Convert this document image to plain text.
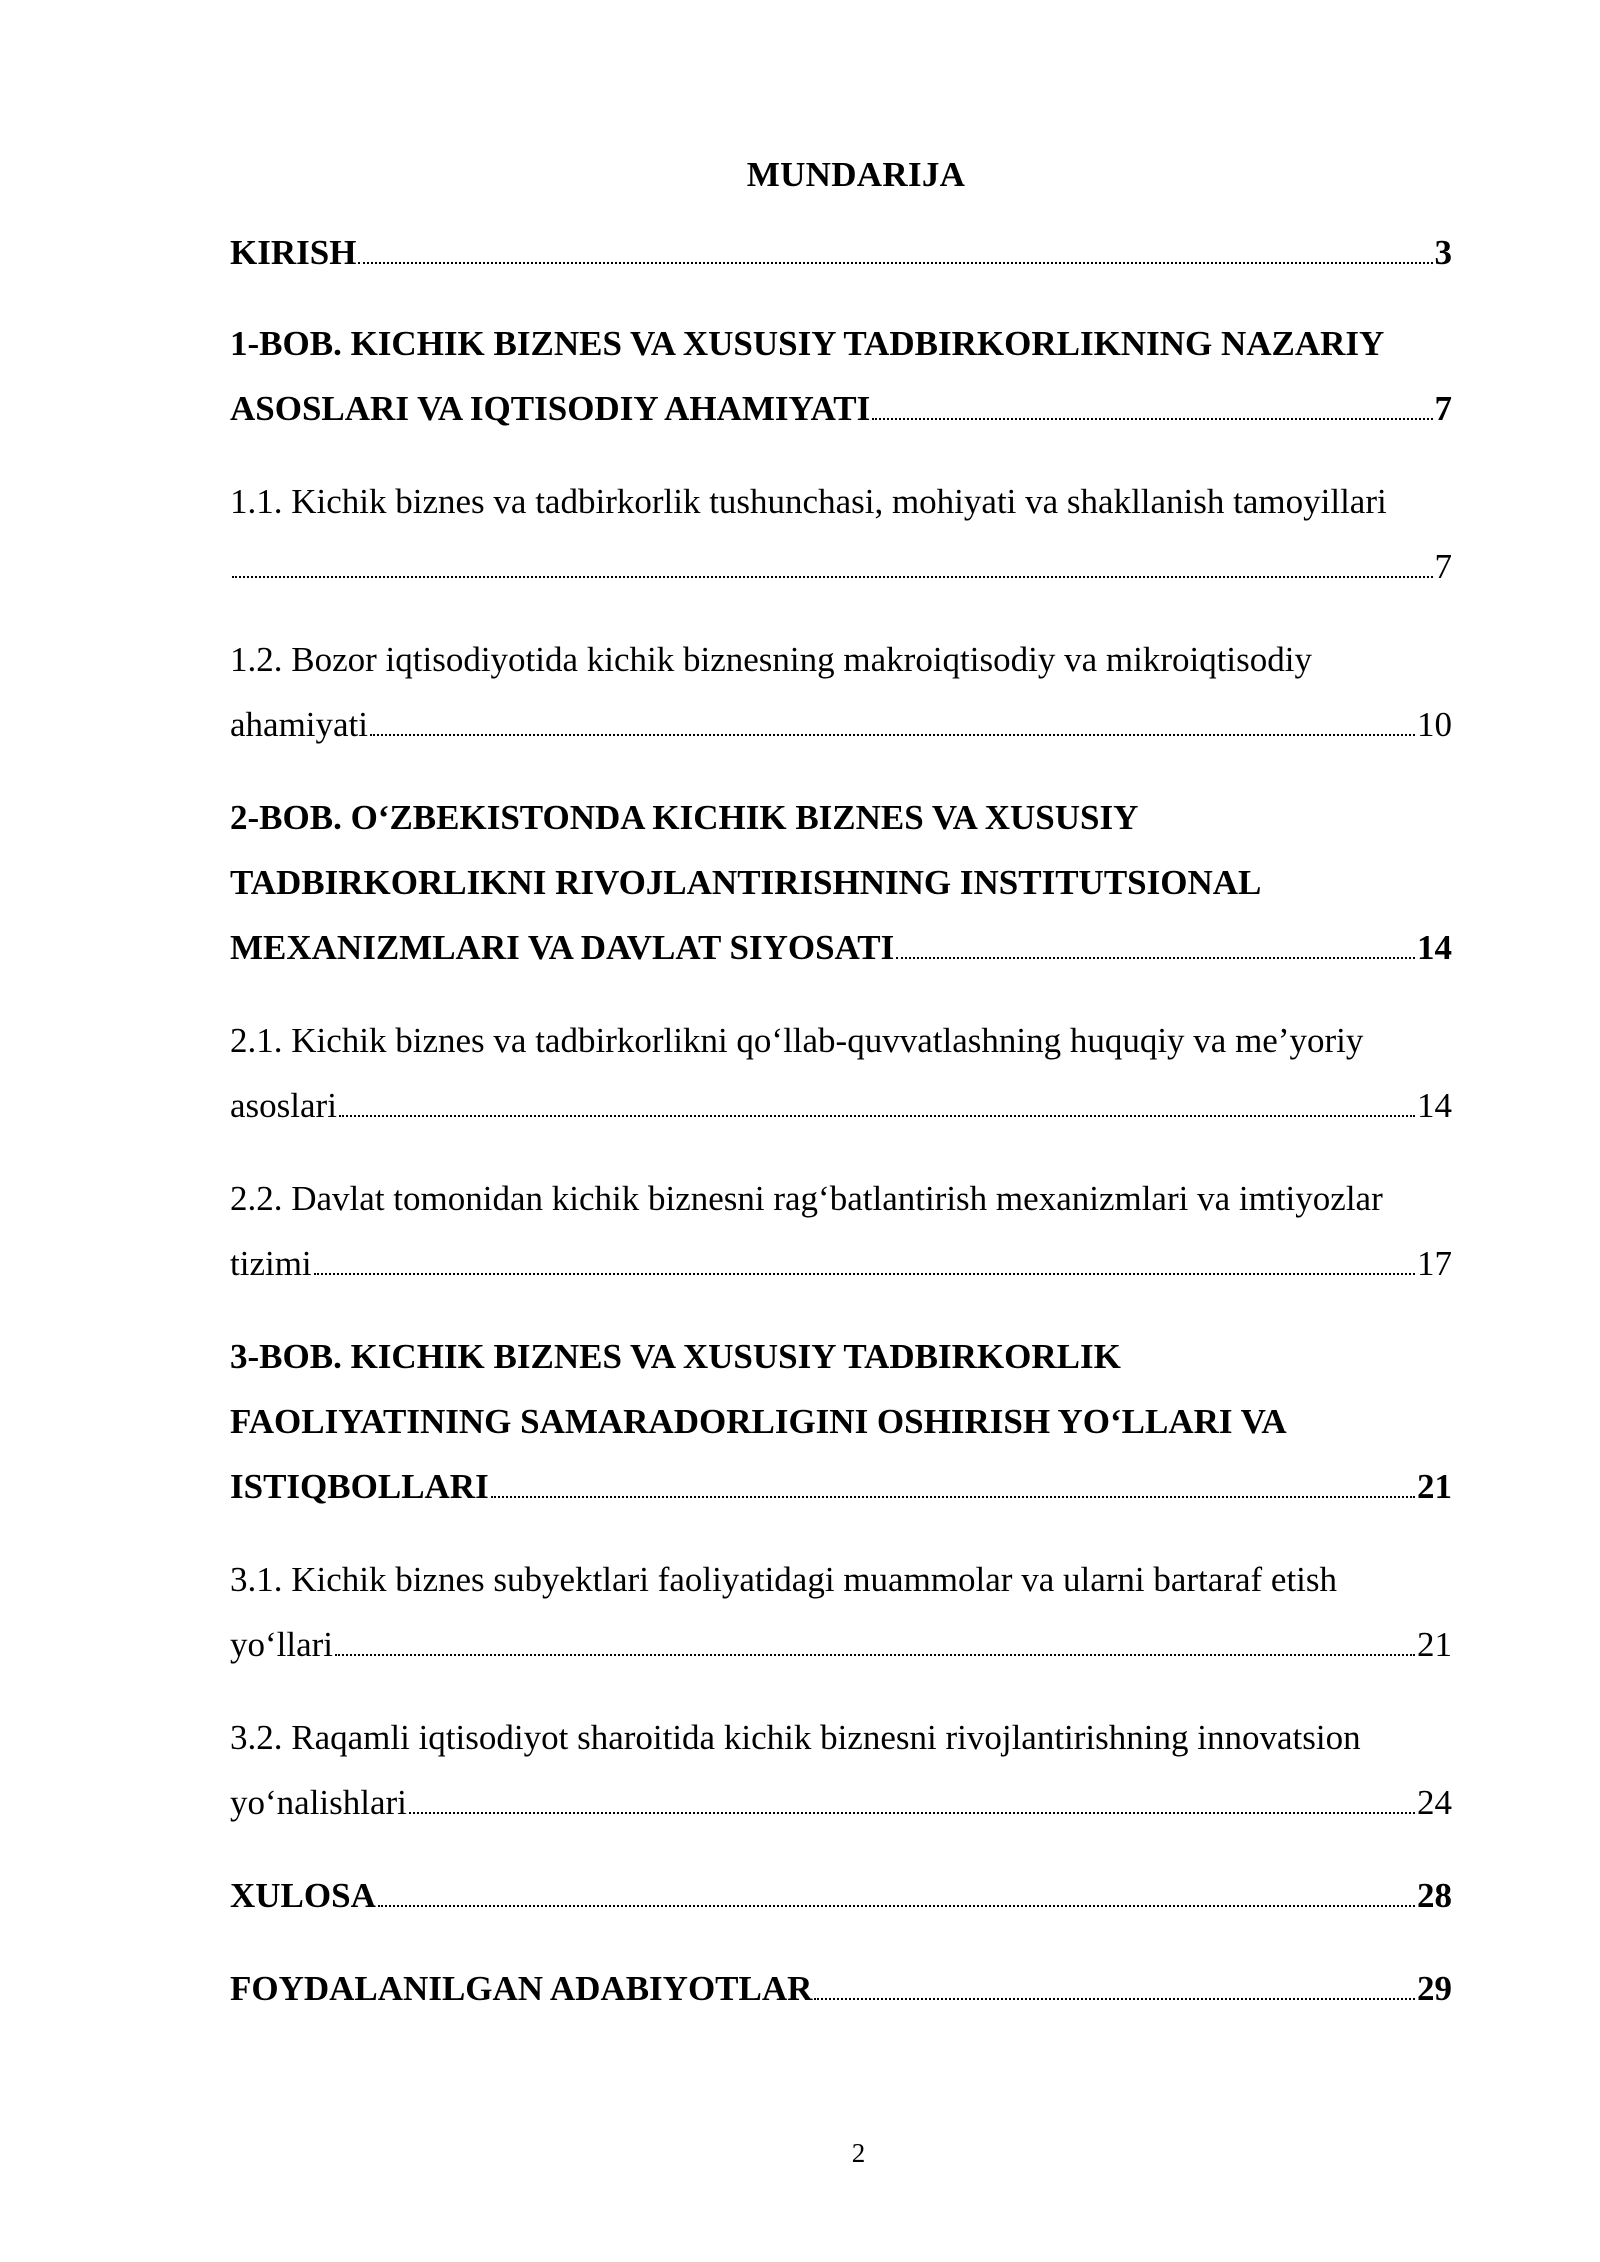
MUNDARIJA
KIRISH	3
1-BOB. KICHIK BIZNES VA XUSUSIY TADBIRKORLIKNING NAZARIY
ASOSLARI VA IQTISODIY AHAMIYATI	7
1.1. Kichik biznes va tadbirkorlik tushunchasi, mohiyati va shakllanish tamoyillari
7
1.2. Bozor iqtisodiyotida kichik biznesning makroiqtisodiy va mikroiqtisodiy
ahamiyati	10
2-BOB. O‘ZBEKISTONDA KICHIK BIZNES VA XUSUSIY
TADBIRKORLIKNI RIVOJLANTIRISHNING INSTITUTSIONAL
MEXANIZMLARI VA DAVLAT SIYOSATI	14
2.1. Kichik biznes va tadbirkorlikni qo‘llab-quvvatlashning huquqiy va me’yoriy
asoslari	14
2.2. Davlat tomonidan kichik biznesni rag‘batlantirish mexanizmlari va imtiyozlar
tizimi	17
3-BOB. KICHIK BIZNES VA XUSUSIY TADBIRKORLIK
FAOLIYATINING SAMARADORLIGINI OSHIRISH YO‘LLARI VA
ISTIQBOLLARI	21
3.1. Kichik biznes subyektlari faoliyatidagi muammolar va ularni bartaraf etish
yo‘llari	21
3.2. Raqamli iqtisodiyot sharoitida kichik biznesni rivojlantirishning innovatsion
yo‘nalishlari	24
XULOSA	28
FOYDALANILGAN ADABIYOTLAR	29
2
